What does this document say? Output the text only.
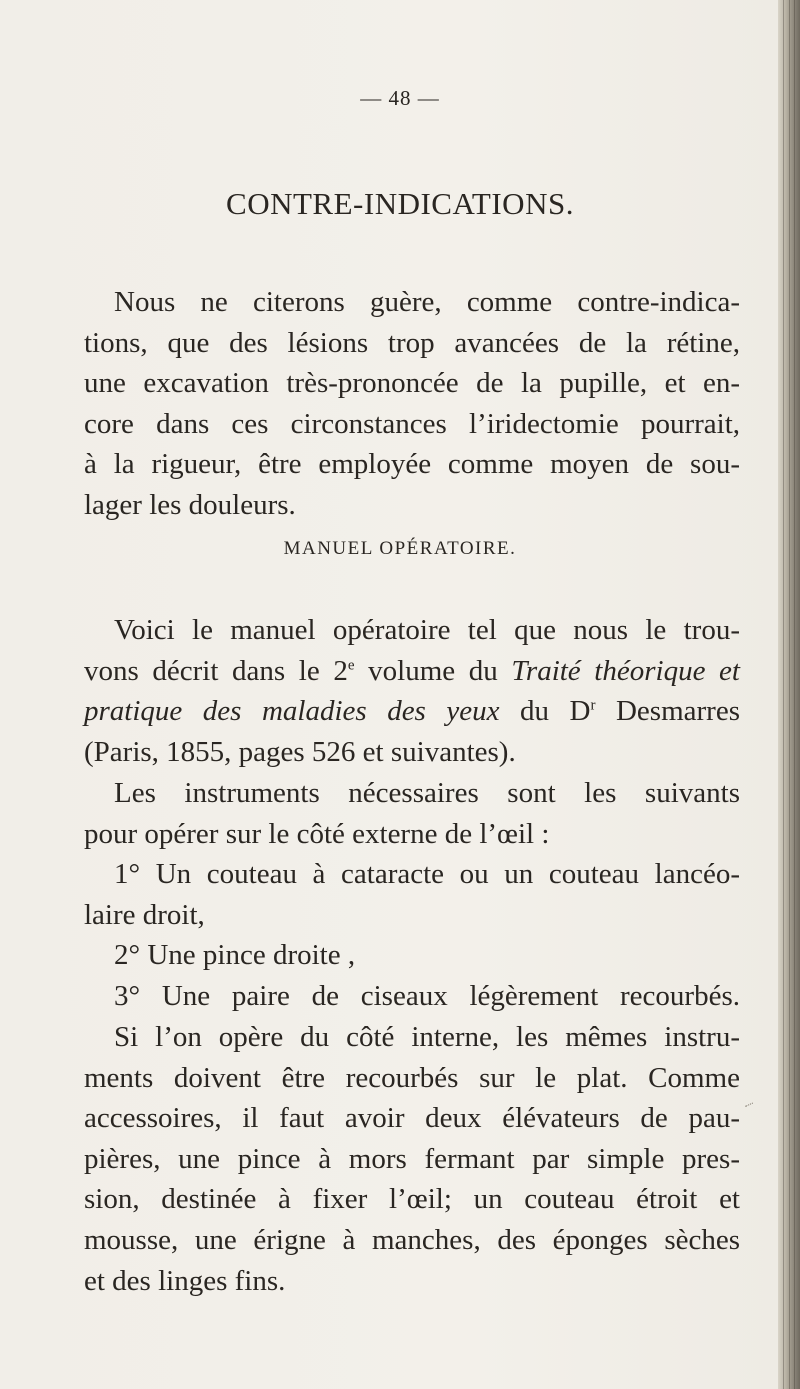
— 48 —
CONTRE-INDICATIONS.

Nous ne citerons guère, comme contre-indica-
tions, que des lésions trop avancées de la rétine,
une excavation très-prononcée de la pupille, et en-
core dans ces circonstances l’iridectomie pourrait,
à la rigueur, être employée comme moyen de sou-
lager les douleurs.

MANUEL OPÉRATOIRE.

Voici le manuel opératoire tel que nous le trou-
vons décrit dans le 2e volume du Traité théorique et
pratique des maladies des yeux du $D^r$ Desmarres
(Paris, 1855, pages 526 et suivantes).

Les instruments nécessaires sont les suivants
pour opérer sur le côté externe de l’œil :
1° Un couteau à cataracte ou un couteau lancéo-
laire droit,
2° Une pince droite ,
3° Une paire de ciseaux légèrement recourbés.

Si l’on opère du côté interne, les mêmes instru-
ments doivent être recourbés sur le plat. Comme
accessoires, il faut avoir deux élévateurs de pau-
pières, une pince à mors fermant par simple pres-
sion, destinée à fixer l’œil; un couteau étroit et
mousse, une érigne à manches, des éponges sèches
et des linges fins.
